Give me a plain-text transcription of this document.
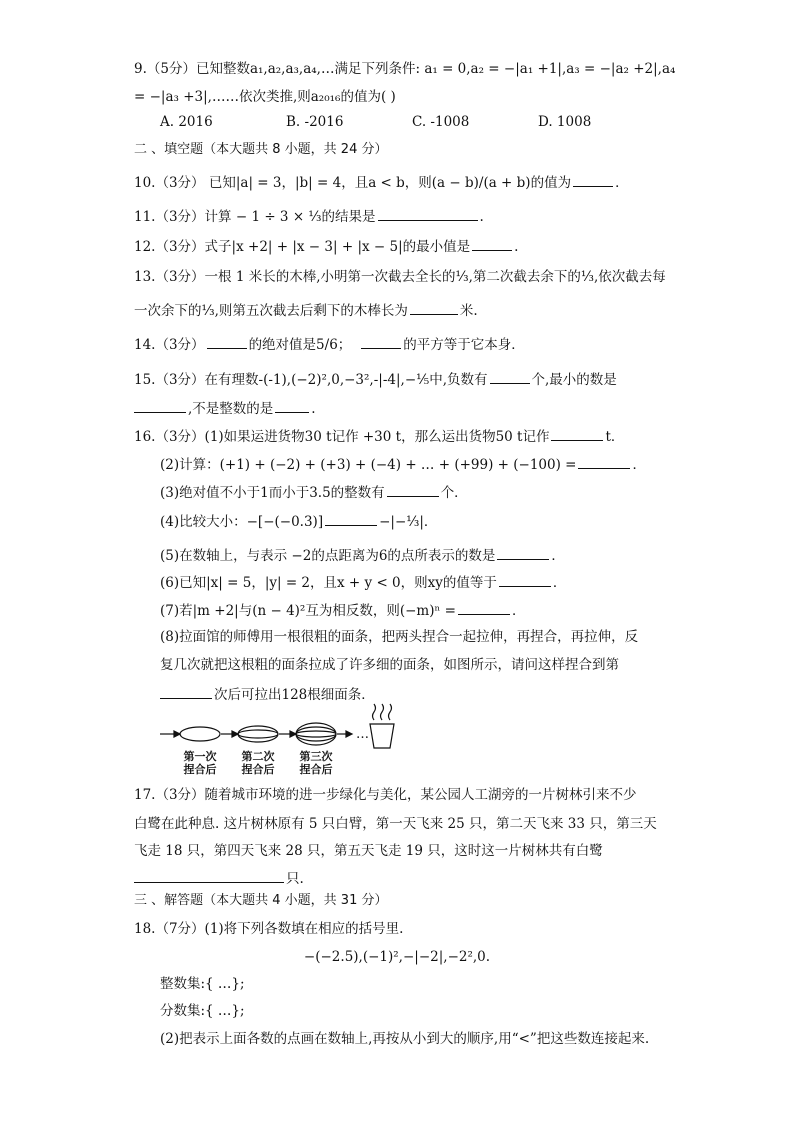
9.（5分）已知整数a₁,a₂,a₃,a₄,…满足下列条件: a₁ = 0,a₂ = −|a₁ +1|,a₃ = −|a₂ +2|,a₄
= −|a₃ +3|,……依次类推,则a₂₀₁₆的值为( )
A. 2016	B. -2016	C. -1008	D. 1008
二 、填空题（本大题共 8 小题，共 24 分）
10.（3分） 已知|a| = 3，|b| = 4，且a < b，则(a − b)/(a + b)的值为	．
11.（3分）计算 − 1 ÷ 3 × ⅓的结果是	.
12.（3分）式子|x +2| + |x − 3| + |x − 5|的最小值是	.
13.（3分）一根 1 米长的木棒,小明第一次截去全长的⅓,第二次截去余下的⅓,依次截去每
一次余下的⅓,则第五次截去后剩下的木棒长为	米.
14.（3分）	的绝对值是5/6；	的平方等于它本身．
15.（3分）在有理数-(-1),(−2)²,0,−3²,-|-4|,−⅕中,负数有	个,最小的数是
,不是整数的是	.
16.（3分）(1)如果运进货物30 t记作 +30 t，那么运出货物50 t记作	t．
(2)计算：(+1) + (−2) + (+3) + (−4) + … + (+99) + (−100) =	．
(3)绝对值不小于1而小于3.5的整数有	个．
(4)比较大小：−[−(−0.3)]	−|−⅓|．
(5)在数轴上，与表示 −2的点距离为6的点所表示的数是	．
(6)已知|x| = 5，|y| = 2，且x + y < 0，则xy的值等于	．
(7)若|m +2|与(n − 4)²互为相反数，则(−m)ⁿ =	．
(8)拉面馆的师傅用一根很粗的面条，把两头捏合一起拉伸，再捏合，再拉伸，反
复几次就把这根粗的面条拉成了许多细的面条，如图所示，请问这样捏合到第
次后可拉出128根细面条．
…
第一次
捏合后
第二次
捏合后
第三次
捏合后
17.（3分）随着城市环境的进一步绿化与美化，某公园人工湖旁的一片树林引来不少
白鹭在此种息. 这片树林原有 5 只白臂，第一天飞来 25 只，第二天飞来 33 只，第三天
飞走 18 只，第四天飞来 28 只，第五天飞走 19 只，这时这一片树林共有白鹭
只.
三 、解答题（本大题共 4 小题，共 31 分）
18.（7分）(1)将下列各数填在相应的括号里.
−(−2.5),(−1)²,−|−2|,−2²,0.
整数集:{ …};
分数集:{ …};
(2)把表示上面各数的点画在数轴上,再按从小到大的顺序,用“<”把这些数连接起来.
